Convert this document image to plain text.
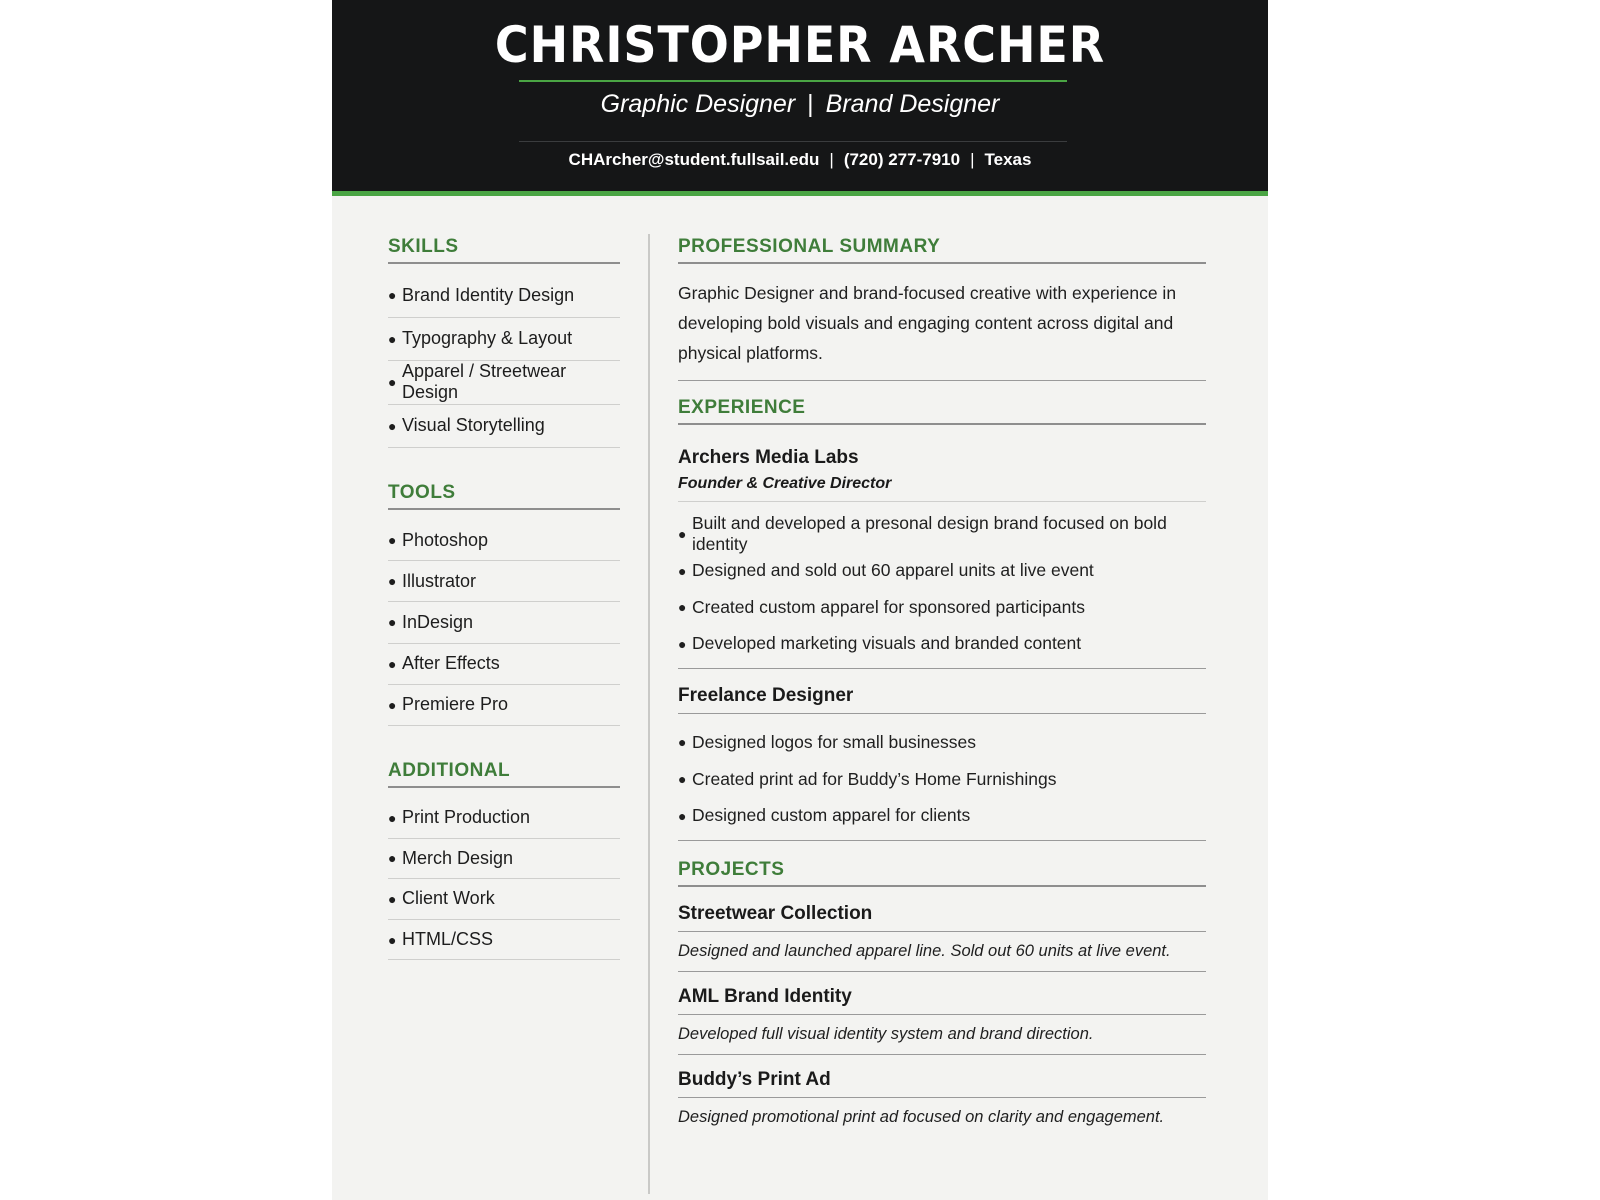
CHRISTOPHER ARCHER
Graphic Designer | Brand Designer
CHArcher@student.fullsail.edu | (720) 277-7910 | Texas
SKILLS
● Brand Identity Design
● Typography & Layout
●
Apparel / Streetwear Design
● Visual Storytelling
TOOLS
● Photoshop
● Illustrator
● InDesign
● After Effects
● Premiere Pro
ADDITIONAL
● Print Production
● Merch Design
● Client Work
● HTML/CSS
PROFESSIONAL SUMMARY
Graphic Designer and brand-focused creative with experience in developing bold visuals and engaging content across digital and physical platforms.
EXPERIENCE
Archers Media Labs
Founder & Creative Director
●
Built and developed a presonal design brand focused on bold identity
● Designed and sold out 60 apparel units at live event
● Created custom apparel for sponsored participants
● Developed marketing visuals and branded content
Freelance Designer
● Designed logos for small businesses
● Created print ad for Buddy’s Home Furnishings
● Designed custom apparel for clients
PROJECTS
Streetwear Collection
Designed and launched apparel line. Sold out 60 units at live event.
AML Brand Identity
Developed full visual identity system and brand direction.
Buddy’s Print Ad
Designed promotional print ad focused on clarity and engagement.
